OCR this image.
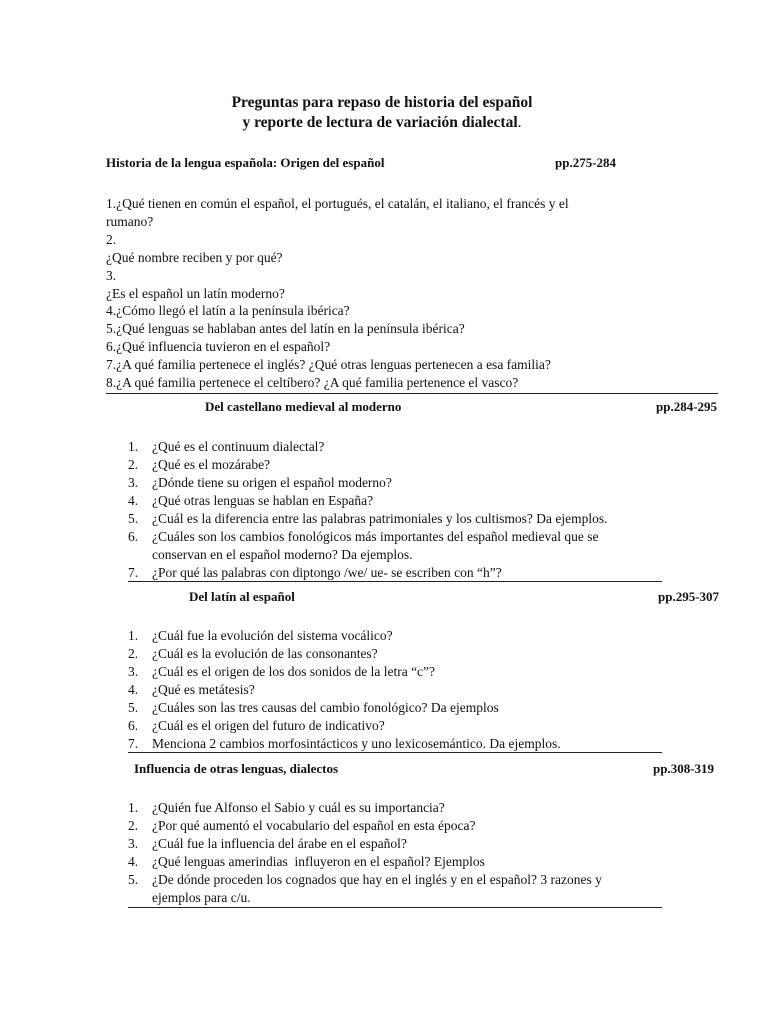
Preguntas para repaso de historia del español
y reporte de lectura de variación dialectal.
Historia de la lengua española: Origen del español	pp.275-284
1.¿Qué tienen en común el español, el portugués, el catalán, el italiano, el francés y el
rumano?
2.
¿Qué nombre reciben y por qué?
3.
¿Es el español un latín moderno?
4.¿Cómo llegó el latín a la península ibérica?
5.¿Qué lenguas se hablaban antes del latín en la península ibérica?
6.¿Qué influencia tuvieron en el español?
7.¿A qué familia pertenece el inglés? ¿Qué otras lenguas pertenecen a esa familia?
8.¿A qué familia pertenece el celtíbero? ¿A qué familia pertenence el vasco?
Del castellano medieval al moderno	pp.284-295
1. ¿Qué es el continuum dialectal?
2. ¿Qué es el mozárabe?
3. ¿Dónde tiene su origen el español moderno?
4. ¿Qué otras lenguas se hablan en España?
5. ¿Cuál es la diferencia entre las palabras patrimoniales y los cultismos? Da ejemplos.
6. ¿Cuáles son los cambios fonológicos más importantes del español medieval que se
conservan en el español moderno? Da ejemplos.
7. ¿Por qué las palabras con diptongo /we/ ue- se escriben con “h”?
Del latín al español	pp.295-307
1. ¿Cuál fue la evolución del sistema vocálico?
2. ¿Cuál es la evolución de las consonantes?
3. ¿Cuál es el origen de los dos sonidos de la letra “c”?
4. ¿Qué es metátesis?
5. ¿Cuáles son las tres causas del cambio fonológico? Da ejemplos
6. ¿Cuál es el origen del futuro de indicativo?
7. Menciona 2 cambios morfosintácticos y uno lexicosemántico. Da ejemplos.
Influencia de otras lenguas, dialectos	pp.308-319
1. ¿Quién fue Alfonso el Sabio y cuál es su importancia?
2. ¿Por qué aumentó el vocabulario del español en esta época?
3. ¿Cuál fue la influencia del árabe en el español?
4. ¿Qué lenguas amerindias  influyeron en el español? Ejemplos
5. ¿De dónde proceden los cognados que hay en el inglés y en el español? 3 razones y
ejemplos para c/u.
